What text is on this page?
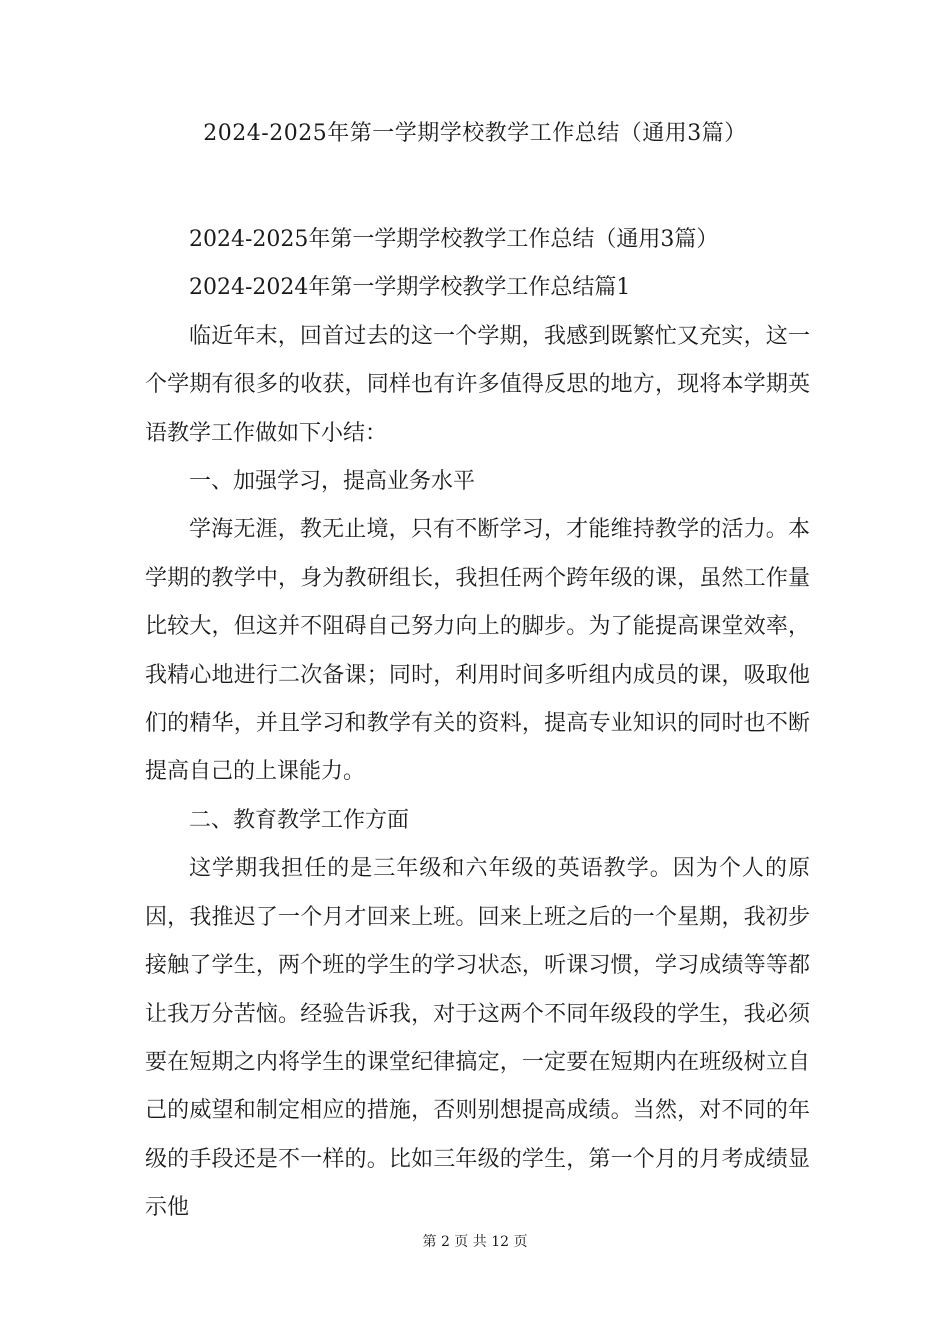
2024-2025年第一学期学校教学工作总结（通用3篇）

2024-2025年第一学期学校教学工作总结（通用3篇）

2024-2024年第一学期学校教学工作总结篇1

临近年末，回首过去的这一个学期，我感到既繁忙又充实，这一个学期有很多的收获，同样也有许多值得反思的地方，现将本学期英语教学工作做如下小结：

一、加强学习，提高业务水平

学海无涯，教无止境，只有不断学习，才能维持教学的活力。本学期的教学中，身为教研组长，我担任两个跨年级的课，虽然工作量比较大，但这并不阻碍自己努力向上的脚步。为了能提高课堂效率，我精心地进行二次备课；同时，利用时间多听组内成员的课，吸取他们的精华，并且学习和教学有关的资料，提高专业知识的同时也不断提高自己的上课能力。

二、教育教学工作方面

这学期我担任的是三年级和六年级的英语教学。因为个人的原因，我推迟了一个月才回来上班。回来上班之后的一个星期，我初步接触了学生，两个班的学生的学习状态，听课习惯，学习成绩等等都让我万分苦恼。经验告诉我，对于这两个不同年级段的学生，我必须要在短期之内将学生的课堂纪律搞定，一定要在短期内在班级树立自己的威望和制定相应的措施，否则别想提高成绩。当然，对不同的年级的手段还是不一样的。比如三年级的学生，第一个月的月考成绩显示他

第 2 页 共 12 页
